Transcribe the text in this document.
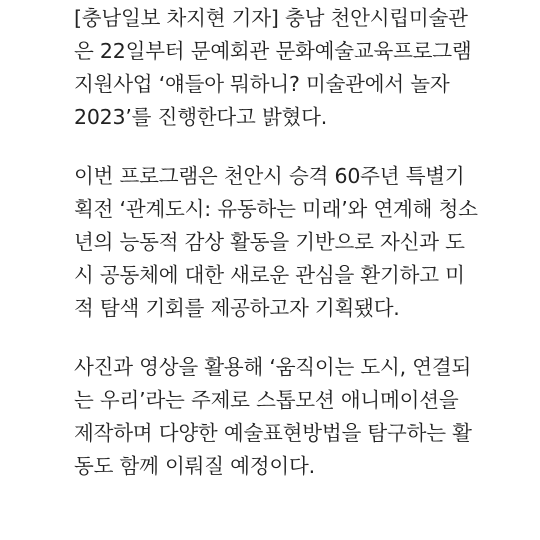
[충남일보 차지현 기자] 충남 천안시립미술관
은 22일부터 문예회관 문화예술교육프로그램
지원사업 ‘얘들아 뭐하니? 미술관에서 놀자
2023’를 진행한다고 밝혔다.

이번 프로그램은 천안시 승격 60주년 특별기
획전 ‘관계도시: 유동하는 미래’와 연계해 청소
년의 능동적 감상 활동을 기반으로 자신과 도
시 공동체에 대한 새로운 관심을 환기하고 미
적 탐색 기회를 제공하고자 기획됐다.

사진과 영상을 활용해 ‘움직이는 도시, 연결되
는 우리’라는 주제로 스톱모션 애니메이션을
제작하며 다양한 예술표현방법을 탐구하는 활
동도 함께 이뤄질 예정이다.
